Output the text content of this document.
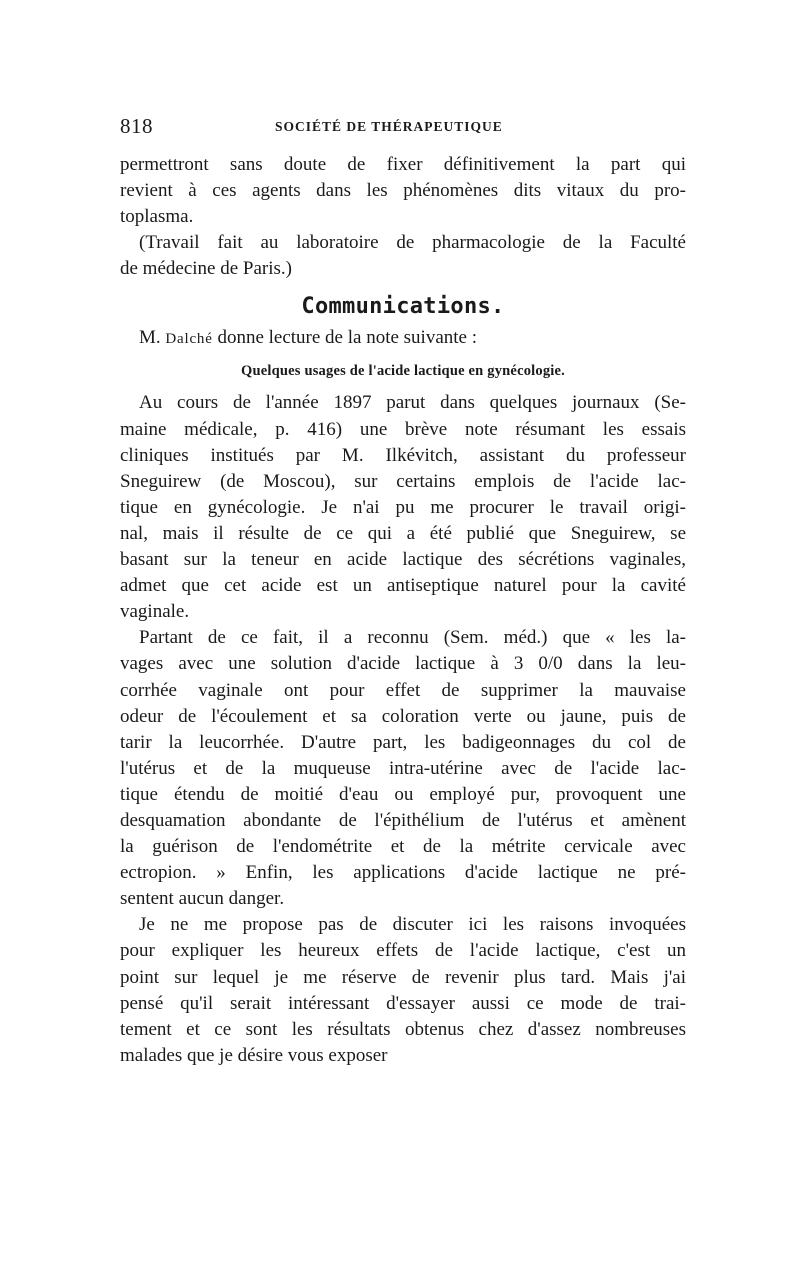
818	SOCIÉTÉ DE THÉRAPEUTIQUE

permettront sans doute de fixer définitivement la part qui

revient à ces agents dans les phénomènes dits vitaux du pro-

toplasma.

(Travail fait au laboratoire de pharmacologie de la Faculté

de médecine de Paris.)

Communications.

M. Dalché donne lecture de la note suivante :

Quelques usages de l'acide lactique en gynécologie.

Au cours de l'année 1897 parut dans quelques journaux (Se-

maine médicale, p. 416) une brève note résumant les essais

cliniques institués par M. Ilkévitch, assistant du professeur

Sneguirew (de Moscou), sur certains emplois de l'acide lac-

tique en gynécologie. Je n'ai pu me procurer le travail origi-

nal, mais il résulte de ce qui a été publié que Sneguirew, se

basant sur la teneur en acide lactique des sécrétions vaginales,

admet que cet acide est un antiseptique naturel pour la cavité

vaginale.

Partant de ce fait, il a reconnu (Sem. méd.) que « les la-

vages avec une solution d'acide lactique à 3 0/0 dans la leu-

corrhée vaginale ont pour effet de supprimer la mauvaise

odeur de l'écoulement et sa coloration verte ou jaune, puis de

tarir la leucorrhée. D'autre part, les badigeonnages du col de

l'utérus et de la muqueuse intra-utérine avec de l'acide lac-

tique étendu de moitié d'eau ou employé pur, provoquent une

desquamation abondante de l'épithélium de l'utérus et amènent

la guérison de l'endométrite et de la métrite cervicale avec

ectropion. » Enfin, les applications d'acide lactique ne pré-

sentent aucun danger.

Je ne me propose pas de discuter ici les raisons invoquées

pour expliquer les heureux effets de l'acide lactique, c'est un

point sur lequel je me réserve de revenir plus tard. Mais j'ai

pensé qu'il serait intéressant d'essayer aussi ce mode de trai-

tement et ce sont les résultats obtenus chez d'assez nombreuses

malades que je désire vous exposer
